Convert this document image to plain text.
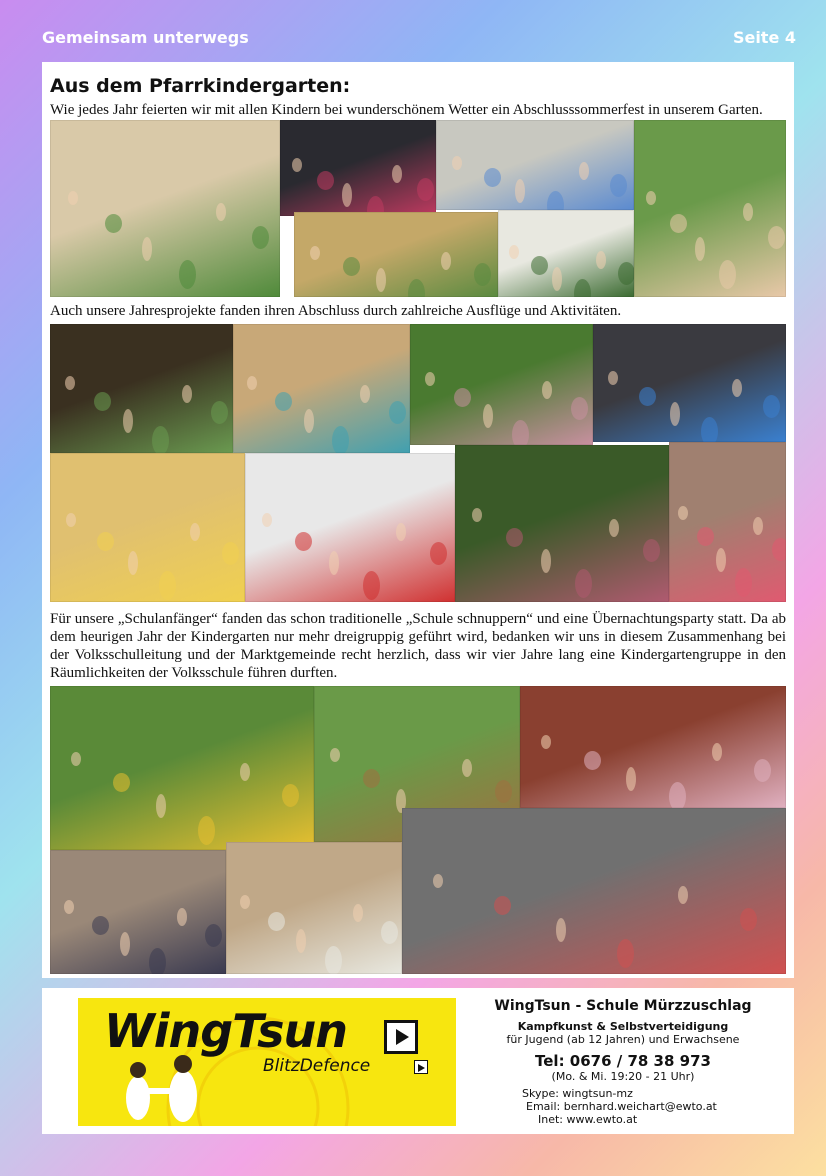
Gemeinsam unterwegs	Seite 4
Aus dem Pfarrkindergarten:
Wie jedes Jahr feierten wir mit allen Kindern bei wunderschönem Wetter ein Abschlusssommerfest in unserem Garten.
Auch unsere Jahresprojekte fanden ihren Abschluss durch zahlreiche Ausflüge und Aktivitäten.
Für unsere „Schulanfänger“ fanden das schon traditionelle „Schule schnuppern“ und eine Übernachtungsparty statt. Da ab dem heurigen Jahr der Kindergarten nur mehr dreigruppig geführt wird, bedanken wir uns in diesem Zusammenhang bei der Volksschulleitung und der Marktgemeinde recht herzlich, dass wir vier Jahre lang eine Kindergartengruppe in den Räumlichkeiten der Volksschule führen durften.
WingTsun
BlitzDefence
WingTsun - Schule Mürzzuschlag
Kampfkunst & Selbstverteidigung
für Jugend (ab 12 Jahren) und Erwachsene
Tel: 0676 / 78 38 973
(Mo. & Mi. 19:20 - 21 Uhr)
Skype: wingtsun-mz
Email: bernhard.weichart@ewto.at
Inet: www.ewto.at
